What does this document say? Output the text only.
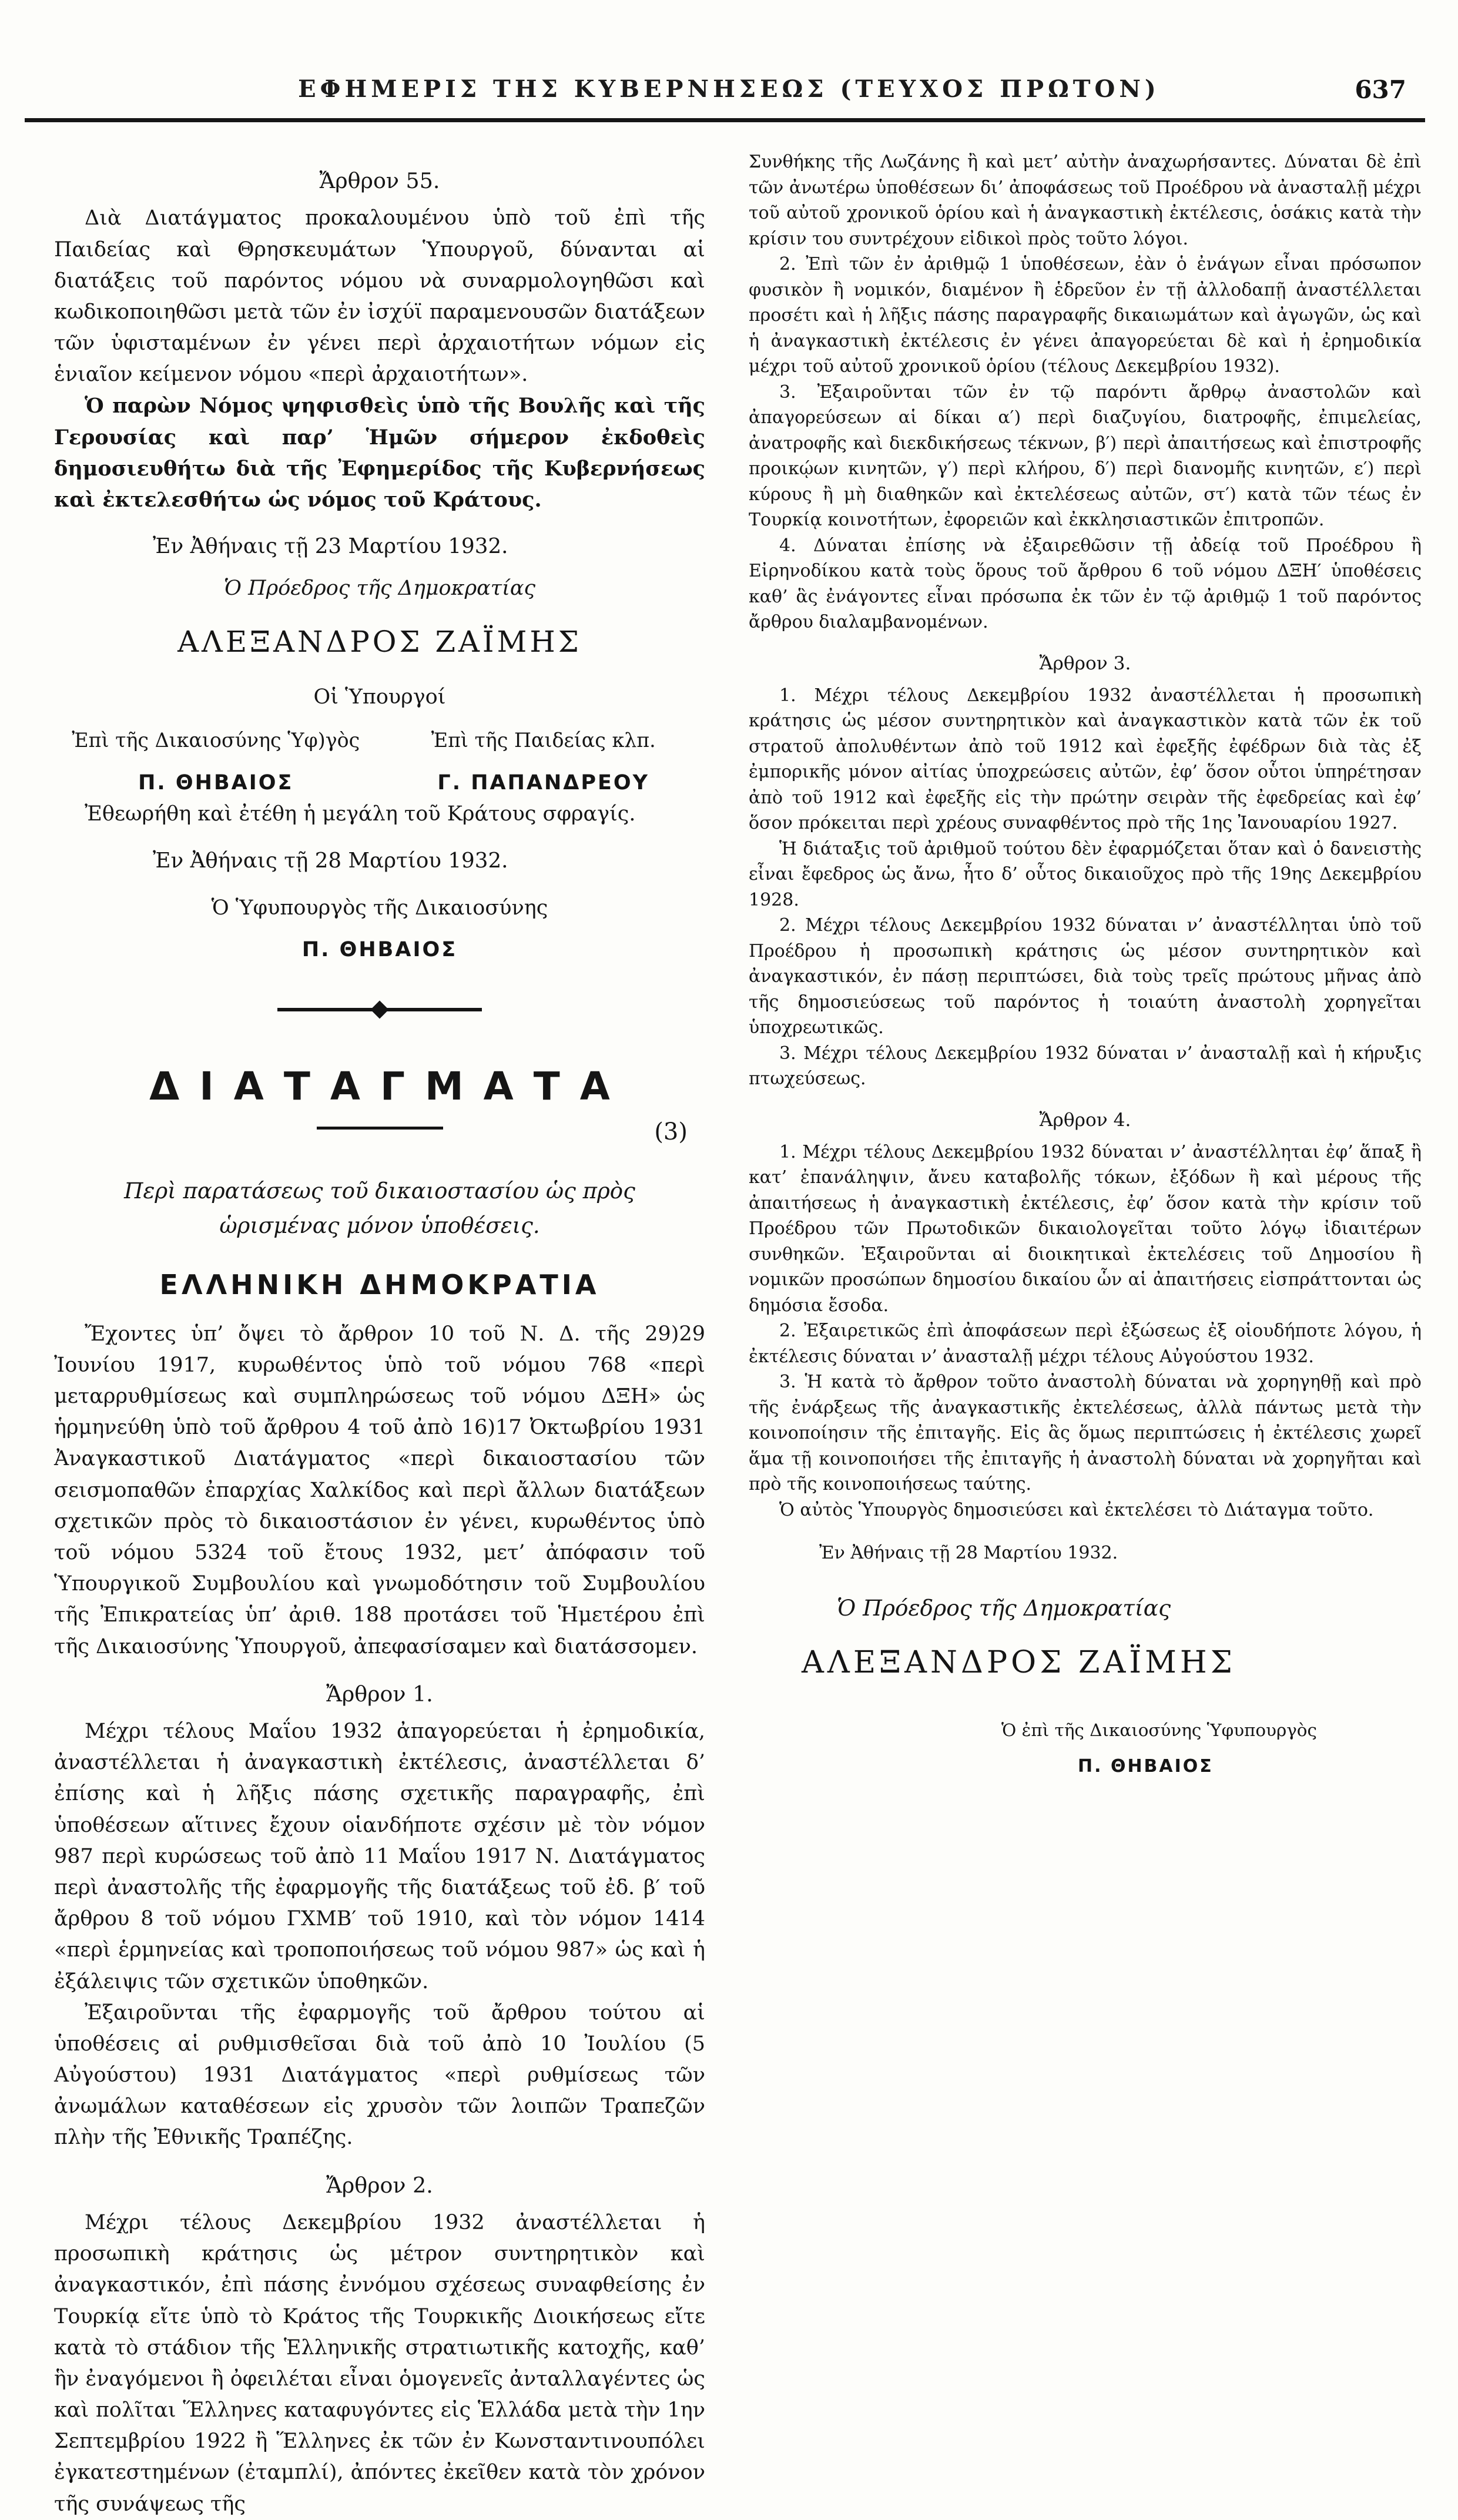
ΕΦΗΜΕΡΙΣ ΤΗΣ ΚΥΒΕΡΝΗΣΕΩΣ (ΤΕΥΧΟΣ ΠΡΩΤΟΝ)	637
Ἄρθρον 55.

Διὰ Διατάγματος προκαλουμένου ὑπὸ τοῦ ἐπὶ τῆς Παιδείας καὶ Θρησκευμάτων Ὑπουργοῦ, δύνανται αἱ διατάξεις τοῦ παρόντος νόμου νὰ συναρμολογηθῶσι καὶ κωδικοποιηθῶσι μετὰ τῶν ἐν ἰσχύϊ παραμενουσῶν διατάξεων τῶν ὑφισταμένων ἐν γένει περὶ ἀρχαιοτήτων νόμων εἰς ἑνιαῖον κείμενον νόμου «περὶ ἀρχαιοτήτων».

Ὁ παρὼν Νόμος ψηφισθεὶς ὑπὸ τῆς Βουλῆς καὶ τῆς Γερουσίας καὶ παρ’ Ἡμῶν σήμερον ἐκδοθεὶς δημοσιευθήτω διὰ τῆς Ἐφημερίδος τῆς Κυβερνήσεως καὶ ἐκτελεσθήτω ὡς νόμος τοῦ Κράτους.

Ἐν Ἀθήναις τῇ 23 Μαρτίου 1932.
Ὁ Πρόεδρος τῆς Δημοκρατίας
ΑΛΕΞΑΝΔΡΟΣ ΖΑΪΜΗΣ
Οἱ Ὑπουργοί
Ἐπὶ τῆς Δικαιοσύνης Ὑφ)γὸς
Π. ΘΗΒΑΙΟΣ
Ἐπὶ τῆς Παιδείας κλπ.
Γ. ΠΑΠΑΝΔΡΕΟΥ

Ἐθεωρήθη καὶ ἐτέθη ἡ μεγάλη τοῦ Κράτους σφραγίς.

Ἐν Ἀθήναις τῇ 28 Μαρτίου 1932.
Ὁ Ὑφυπουργὸς τῆς Δικαιοσύνης
Π. ΘΗΒΑΙΟΣ
ΔΙΑΤΑΓΜΑΤΑ
(3)
Περὶ παρατάσεως τοῦ δικαιοστασίου ὡς πρὸς ὡρισμένας μόνον ὑποθέσεις.
ΕΛΛΗΝΙΚΗ ΔΗΜΟΚΡΑΤΙΑ

Ἔχοντες ὑπ’ ὄψει τὸ ἄρθρον 10 τοῦ Ν. Δ. τῆς 29)29 Ἰουνίου 1917, κυρωθέντος ὑπὸ τοῦ νόμου 768 «περὶ μεταρρυθμίσεως καὶ συμπληρώσεως τοῦ νόμου ΔΞΗ» ὡς ἡρμηνεύθη ὑπὸ τοῦ ἄρθρου 4 τοῦ ἀπὸ 16)17 Ὀκτωβρίου 1931 Ἀναγκαστικοῦ Διατάγματος «περὶ δικαιοστασίου τῶν σεισμοπαθῶν ἐπαρχίας Χαλκίδος καὶ περὶ ἄλλων διατάξεων σχετικῶν πρὸς τὸ δικαιοστάσιον ἐν γένει, κυρωθέντος ὑπὸ τοῦ νόμου 5324 τοῦ ἔτους 1932, μετ’ ἀπόφασιν τοῦ Ὑπουργικοῦ Συμβουλίου καὶ γνωμοδότησιν τοῦ Συμβουλίου τῆς Ἐπικρατείας ὑπ’ ἀριθ. 188 προτάσει τοῦ Ἡμετέρου ἐπὶ τῆς Δικαιοσύνης Ὑπουργοῦ, ἀπεφασίσαμεν καὶ διατάσσομεν.

Ἄρθρον 1.

Μέχρι τέλους Μαΐου 1932 ἀπαγορεύεται ἡ ἐρημοδικία, ἀναστέλλεται ἡ ἀναγκαστικὴ ἐκτέλεσις, ἀναστέλλεται δ’ ἐπίσης καὶ ἡ λῆξις πάσης σχετικῆς παραγραφῆς, ἐπὶ ὑποθέσεων αἵτινες ἔχουν οἱανδήποτε σχέσιν μὲ τὸν νόμον 987 περὶ κυρώσεως τοῦ ἀπὸ 11 Μαΐου 1917 Ν. Διατάγματος περὶ ἀναστολῆς τῆς ἐφαρμογῆς τῆς διατάξεως τοῦ ἐδ. β′ τοῦ ἄρθρου 8 τοῦ νόμου ΓΧΜΒ′ τοῦ 1910, καὶ τὸν νόμον 1414 «περὶ ἑρμηνείας καὶ τροποποιήσεως τοῦ νόμου 987» ὡς καὶ ἡ ἐξάλειψις τῶν σχετικῶν ὑποθηκῶν.

Ἐξαιροῦνται τῆς ἐφαρμογῆς τοῦ ἄρθρου τούτου αἱ ὑποθέσεις αἱ ρυθμισθεῖσαι διὰ τοῦ ἀπὸ 10 Ἰουλίου (5 Αὐγούστου) 1931 Διατάγματος «περὶ ρυθμίσεως τῶν ἀνωμάλων καταθέσεων εἰς χρυσὸν τῶν λοιπῶν Τραπεζῶν πλὴν τῆς Ἐθνικῆς Τραπέζης.

Ἄρθρον 2.

Μέχρι τέλους Δεκεμβρίου 1932 ἀναστέλλεται ἡ προσωπικὴ κράτησις ὡς μέτρον συντηρητικὸν καὶ ἀναγκαστικόν, ἐπὶ πάσης ἐννόμου σχέσεως συναφθείσης ἐν Τουρκίᾳ εἴτε ὑπὸ τὸ Κράτος τῆς Τουρκικῆς Διοικήσεως εἴτε κατὰ τὸ στάδιον τῆς Ἑλληνικῆς στρατιωτικῆς κατοχῆς, καθ’ ἣν ἐναγόμενοι ἢ ὀφειλέται εἶναι ὁμογενεῖς ἀνταλλαγέντες ὡς καὶ πολῖται Ἕλληνες καταφυγόντες εἰς Ἑλλάδα μετὰ τὴν 1ην Σεπτεμβρίου 1922 ἢ Ἕλληνες ἐκ τῶν ἐν Κωνσταντινουπόλει ἐγκατεστημένων (ἐταμπλί), ἀπόντες ἐκεῖθεν κατὰ τὸν χρόνον τῆς συνάψεως τῆς

Συνθήκης τῆς Λωζάνης ἢ καὶ μετ’ αὐτὴν ἀναχωρήσαντες. Δύναται δὲ ἐπὶ τῶν ἀνωτέρω ὑποθέσεων δι’ ἀποφάσεως τοῦ Προέδρου νὰ ἀνασταλῇ μέχρι τοῦ αὐτοῦ χρονικοῦ ὁρίου καὶ ἡ ἀναγκαστικὴ ἐκτέλεσις, ὁσάκις κατὰ τὴν κρίσιν του συντρέχουν εἰδικοὶ πρὸς τοῦτο λόγοι.

2. Ἐπὶ τῶν ἐν ἀριθμῷ 1 ὑποθέσεων, ἐὰν ὁ ἐνάγων εἶναι πρόσωπον φυσικὸν ἢ νομικόν, διαμένον ἢ ἑδρεῦον ἐν τῇ ἀλλοδαπῇ ἀναστέλλεται προσέτι καὶ ἡ λῆξις πάσης παραγραφῆς δικαιωμάτων καὶ ἀγωγῶν, ὡς καὶ ἡ ἀναγκαστικὴ ἐκτέλεσις ἐν γένει ἀπαγορεύεται δὲ καὶ ἡ ἐρημοδικία μέχρι τοῦ αὐτοῦ χρονικοῦ ὁρίου (τέλους Δεκεμβρίου 1932).

3. Ἐξαιροῦνται τῶν ἐν τῷ παρόντι ἄρθρῳ ἀναστολῶν καὶ ἀπαγορεύσεων αἱ δίκαι α′) περὶ διαζυγίου, διατροφῆς, ἐπιμελείας, ἀνατροφῆς καὶ διεκδικήσεως τέκνων, β′) περὶ ἀπαιτήσεως καὶ ἐπιστροφῆς προικῴων κινητῶν, γ′) περὶ κλήρου, δ′) περὶ διανομῆς κινητῶν, ε′) περὶ κύρους ἢ μὴ διαθηκῶν καὶ ἐκτελέσεως αὐτῶν, στ′) κατὰ τῶν τέως ἐν Τουρκίᾳ κοινοτήτων, ἐφορειῶν καὶ ἐκκλησιαστικῶν ἐπιτροπῶν.

4. Δύναται ἐπίσης νὰ ἐξαιρεθῶσιν τῇ ἀδείᾳ τοῦ Προέδρου ἢ Εἰρηνοδίκου κατὰ τοὺς ὅρους τοῦ ἄρθρου 6 τοῦ νόμου ΔΞΗ′ ὑποθέσεις καθ’ ἃς ἐνάγοντες εἶναι πρόσωπα ἐκ τῶν ἐν τῷ ἀριθμῷ 1 τοῦ παρόντος ἄρθρου διαλαμβανομένων.

Ἄρθρον 3.

1. Μέχρι τέλους Δεκεμβρίου 1932 ἀναστέλλεται ἡ προσωπικὴ κράτησις ὡς μέσον συντηρητικὸν καὶ ἀναγκαστικὸν κατὰ τῶν ἐκ τοῦ στρατοῦ ἀπολυθέντων ἀπὸ τοῦ 1912 καὶ ἐφεξῆς ἐφέδρων διὰ τὰς ἐξ ἐμπορικῆς μόνον αἰτίας ὑποχρεώσεις αὐτῶν, ἐφ’ ὅσον οὗτοι ὑπηρέτησαν ἀπὸ τοῦ 1912 καὶ ἐφεξῆς εἰς τὴν πρώτην σειρὰν τῆς ἐφεδρείας καὶ ἐφ’ ὅσον πρόκειται περὶ χρέους συναφθέντος πρὸ τῆς 1ης Ἰανουαρίου 1927.

Ἡ διάταξις τοῦ ἀριθμοῦ τούτου δὲν ἐφαρμόζεται ὅταν καὶ ὁ δανειστὴς εἶναι ἔφεδρος ὡς ἄνω, ἦτο δ’ οὗτος δικαιοῦχος πρὸ τῆς 19ης Δεκεμβρίου 1928.

2. Μέχρι τέλους Δεκεμβρίου 1932 δύναται ν’ ἀναστέλληται ὑπὸ τοῦ Προέδρου ἡ προσωπικὴ κράτησις ὡς μέσον συντηρητικὸν καὶ ἀναγκαστικόν, ἐν πάσῃ περιπτώσει, διὰ τοὺς τρεῖς πρώτους μῆνας ἀπὸ τῆς δημοσιεύσεως τοῦ παρόντος ἡ τοιαύτη ἀναστολὴ χορηγεῖται ὑποχρεωτικῶς.

3. Μέχρι τέλους Δεκεμβρίου 1932 δύναται ν’ ἀνασταλῇ καὶ ἡ κήρυξις πτωχεύσεως.

Ἄρθρον 4.

1. Μέχρι τέλους Δεκεμβρίου 1932 δύναται ν’ ἀναστέλληται ἐφ’ ἅπαξ ἢ κατ’ ἐπανάληψιν, ἄνευ καταβολῆς τόκων, ἐξόδων ἢ καὶ μέρους τῆς ἀπαιτήσεως ἡ ἀναγκαστικὴ ἐκτέλεσις, ἐφ’ ὅσον κατὰ τὴν κρίσιν τοῦ Προέδρου τῶν Πρωτοδικῶν δικαιολογεῖται τοῦτο λόγῳ ἰδιαιτέρων συνθηκῶν. Ἐξαιροῦνται αἱ διοικητικαὶ ἐκτελέσεις τοῦ Δημοσίου ἢ νομικῶν προσώπων δημοσίου δικαίου ὧν αἱ ἀπαιτήσεις εἰσπράττονται ὡς δημόσια ἔσοδα.

2. Ἐξαιρετικῶς ἐπὶ ἀποφάσεων περὶ ἐξώσεως ἐξ οἱουδήποτε λόγου, ἡ ἐκτέλεσις δύναται ν’ ἀνασταλῇ μέχρι τέλους Αὐγούστου 1932.

3. Ἡ κατὰ τὸ ἄρθρον τοῦτο ἀναστολὴ δύναται νὰ χορηγηθῇ καὶ πρὸ τῆς ἐνάρξεως τῆς ἀναγκαστικῆς ἐκτελέσεως, ἀλλὰ πάντως μετὰ τὴν κοινοποίησιν τῆς ἐπιταγῆς. Εἰς ἃς ὅμως περιπτώσεις ἡ ἐκτέλεσις χωρεῖ ἅμα τῇ κοινοποιήσει τῆς ἐπιταγῆς ἡ ἀναστολὴ δύναται νὰ χορηγῆται καὶ πρὸ τῆς κοινοποιήσεως ταύτης.

Ὁ αὐτὸς Ὑπουργὸς δημοσιεύσει καὶ ἐκτελέσει τὸ Διάταγμα τοῦτο.

Ἐν Ἀθήναις τῇ 28 Μαρτίου 1932.
Ὁ Πρόεδρος τῆς Δημοκρατίας
ΑΛΕΞΑΝΔΡΟΣ ΖΑΪΜΗΣ
Ὁ ἐπὶ τῆς Δικαιοσύνης Ὑφυπουργὸς
Π. ΘΗΒΑΙΟΣ
